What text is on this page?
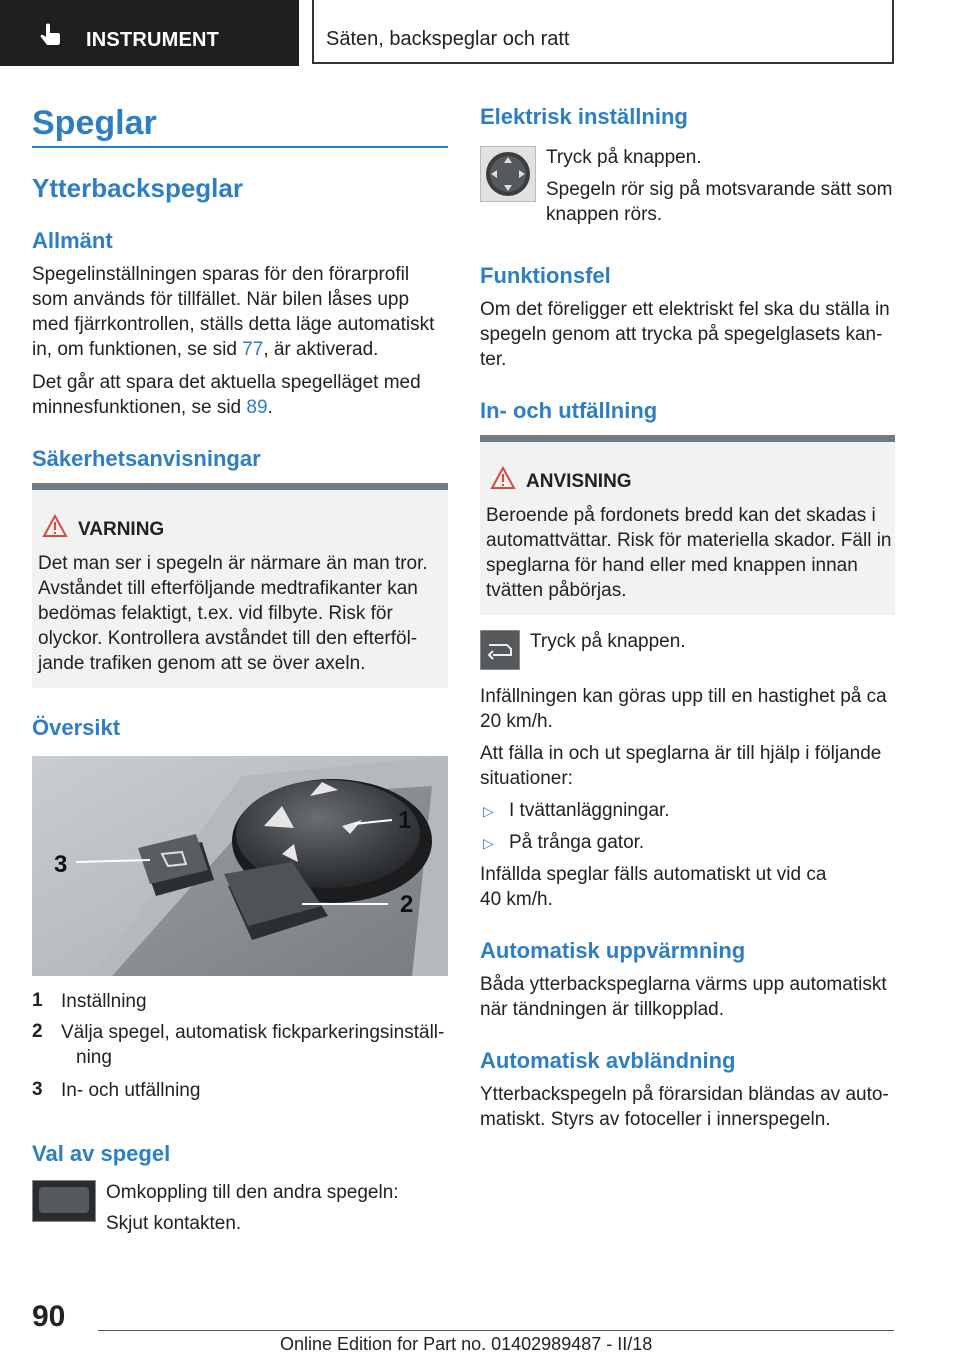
INSTRUMENT	Säten, backspeglar och ratt
Speglar
Ytterbackspeglar
Allmänt

Spegelinställningen sparas för den förarprofil

som används för tillfället. När bilen låses upp

med fjärrkontrollen, ställs detta läge automatiskt

in, om funktionen, se sid 77, är aktiverad.

Det går att spara det aktuella spegelläget med

minnesfunktionen, se sid 89.

Säkerhetsanvisningar
VARNING

Det man ser i spegeln är närmare än man tror.

Avståndet till efterföljande medtrafikanter kan

bedömas felaktigt, t.ex. vid filbyte. Risk för

olyckor. Kontrollera avståndet till den efterföl-

jande trafiken genom att se över axeln.

Översikt
1
2
3
1 Inställning

2 Välja spegel, automatisk fickparkeringsinställ-

ning

3 In- och utfällning

Val av spegel

Omkoppling till den andra spegeln:

Skjut kontakten.

Elektrisk inställning

Tryck på knappen.

Spegeln rör sig på motsvarande sätt som

knappen rörs.

Funktionsfel

Om det föreligger ett elektriskt fel ska du ställa in

spegeln genom att trycka på spegelglasets kan-

ter.

In- och utfällning
ANVISNING

Beroende på fordonets bredd kan det skadas i

automattvättar. Risk för materiella skador. Fäll in

speglarna för hand eller med knappen innan

tvätten påbörjas.

Tryck på knappen.

Infällningen kan göras upp till en hastighet på ca

20 km/h.

Att fälla in och ut speglarna är till hjälp i följande

situationer:

▷ I tvättanläggningar.

▷ På trånga gator.

Infällda speglar fälls automatiskt ut vid ca

40 km/h.

Automatisk uppvärmning

Båda ytterbackspeglarna värms upp automatiskt

när tändningen är tillkopplad.

Automatisk avbländning

Ytterbackspegeln på förarsidan bländas av auto-

matiskt. Styrs av fotoceller i innerspegeln.

90
Online Edition for Part no. 01402989487 - II/18
